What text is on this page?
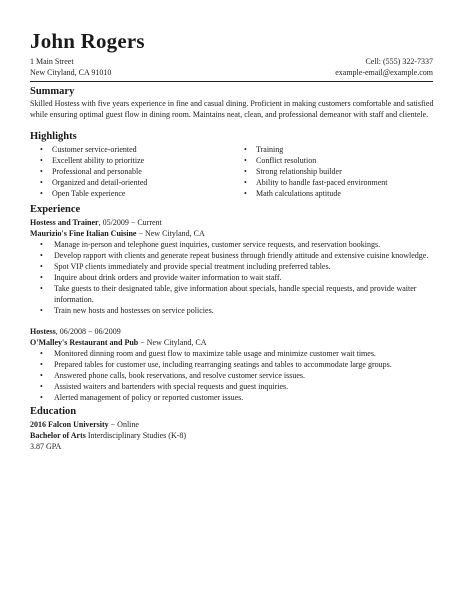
John Rogers
1 Main Street
New Cityland, CA 91010
Cell: (555) 322-7337
example-email@example.com
Summary
Skilled Hostess with five years experience in fine and casual dining. Proficient in making customers comfortable and satisfied while ensuring optimal guest flow in dining room. Maintains neat, clean, and professional demeanor with staff and clientele.
Highlights
• Customer service-oriented
• Excellent ability to prioritize
• Professional and personable
• Organized and detail-oriented
• Open Table experience
• Training
• Conflict resolution
• Strong relationship builder
• Ability to handle fast-paced environment
• Math calculations aptitude
Experience
Hostess and Trainer, 05/2009 − Current
Maurizio's Fine Italian Cuisine − New Cityland, CA
• Manage in-person and telephone guest inquiries, customer service requests, and reservation bookings.
• Develop rapport with clients and generate repeat business through friendly attitude and extensive cuisine knowledge.
• Spot VIP clients immediately and provide special treatment including preferred tables.
• Inquire about drink orders and provide waiter information to wait staff.
• Take guests to their designated table, give information about specials, handle special requests, and provide waiter information.
• Train new hosts and hostesses on service policies.
Hostess, 06/2008 − 06/2009
O'Malley's Restaurant and Pub − New Cityland, CA
• Monitored dinning room and guest flow to maximize table usage and minimize customer wait times.
• Prepared tables for customer use, including rearranging seatings and tables to accommodate large groups.
• Answered phone calls, book reservations, and resolve customer service issues.
• Assisted waiters and bartenders with special requests and guest inquiries.
• Alerted management of policy or reported customer issues.
Education
2016 Falcon University − Online
Bachelor of Arts Interdisciplinary Studies (K-8)
3.87 GPA
